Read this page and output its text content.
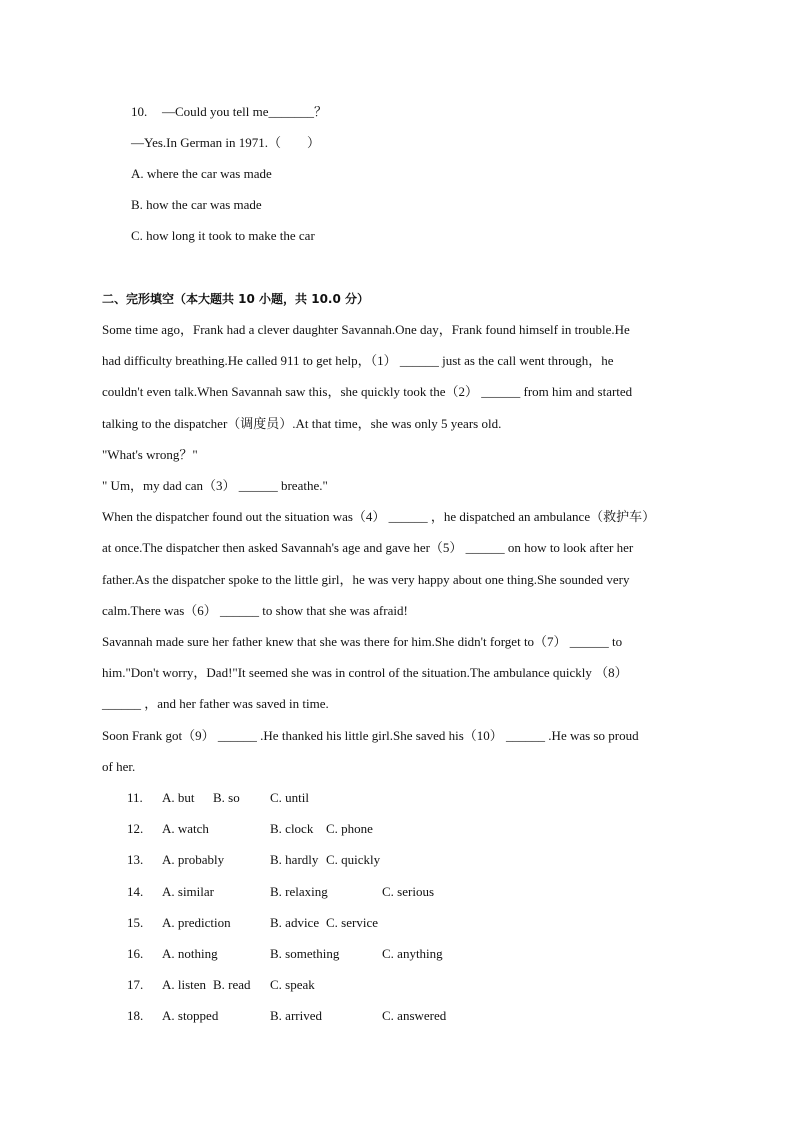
10. —Could you tell me_______？
—Yes.In German in 1971.（　　）
A. where the car was made
B. how the car was made
C. how long it took to make the car
二、完形填空（本大题共 10 小题，共 10.0 分）
Some time ago，Frank had a clever daughter Savannah.One day，Frank found himself in trouble.He
had difficulty breathing.He called 911 to get help，（1） ______ just as the call went through，he
couldn't even talk.When Savannah saw this，she quickly took the（2） ______ from him and started
talking to the dispatcher（调度员）.At that time，she was only 5 years old.
"What's wrong？"
" Um，my dad can（3） ______ breathe."
When the dispatcher found out the situation was（4） ______ ，he dispatched an ambulance（救护车）
at once.The dispatcher then asked Savannah's age and gave her（5） ______ on how to look after her
father.As the dispatcher spoke to the little girl，he was very happy about one thing.She sounded very
calm.There was（6） ______ to show that she was afraid!
Savannah made sure her father knew that she was there for him.She didn't forget to（7） ______ to
him."Don't worry，Dad!"It seemed she was in control of the situation.The ambulance quickly （8）
______ ，and her father was saved in time.
Soon Frank got（9） ______ .He thanked his little girl.She saved his（10） ______ .He was so proud
of her.
11. A. but B. so C. until
12. A. watch	B. clock C. phone
13. A. probably	B. hardly C. quickly
14. A. similar	B. relaxing	C. serious
15. A. prediction	B. advice C. service
16. A. nothing	B. something	C. anything
17. A. listen B. read C. speak
18. A. stopped	B. arrived	C. answered
